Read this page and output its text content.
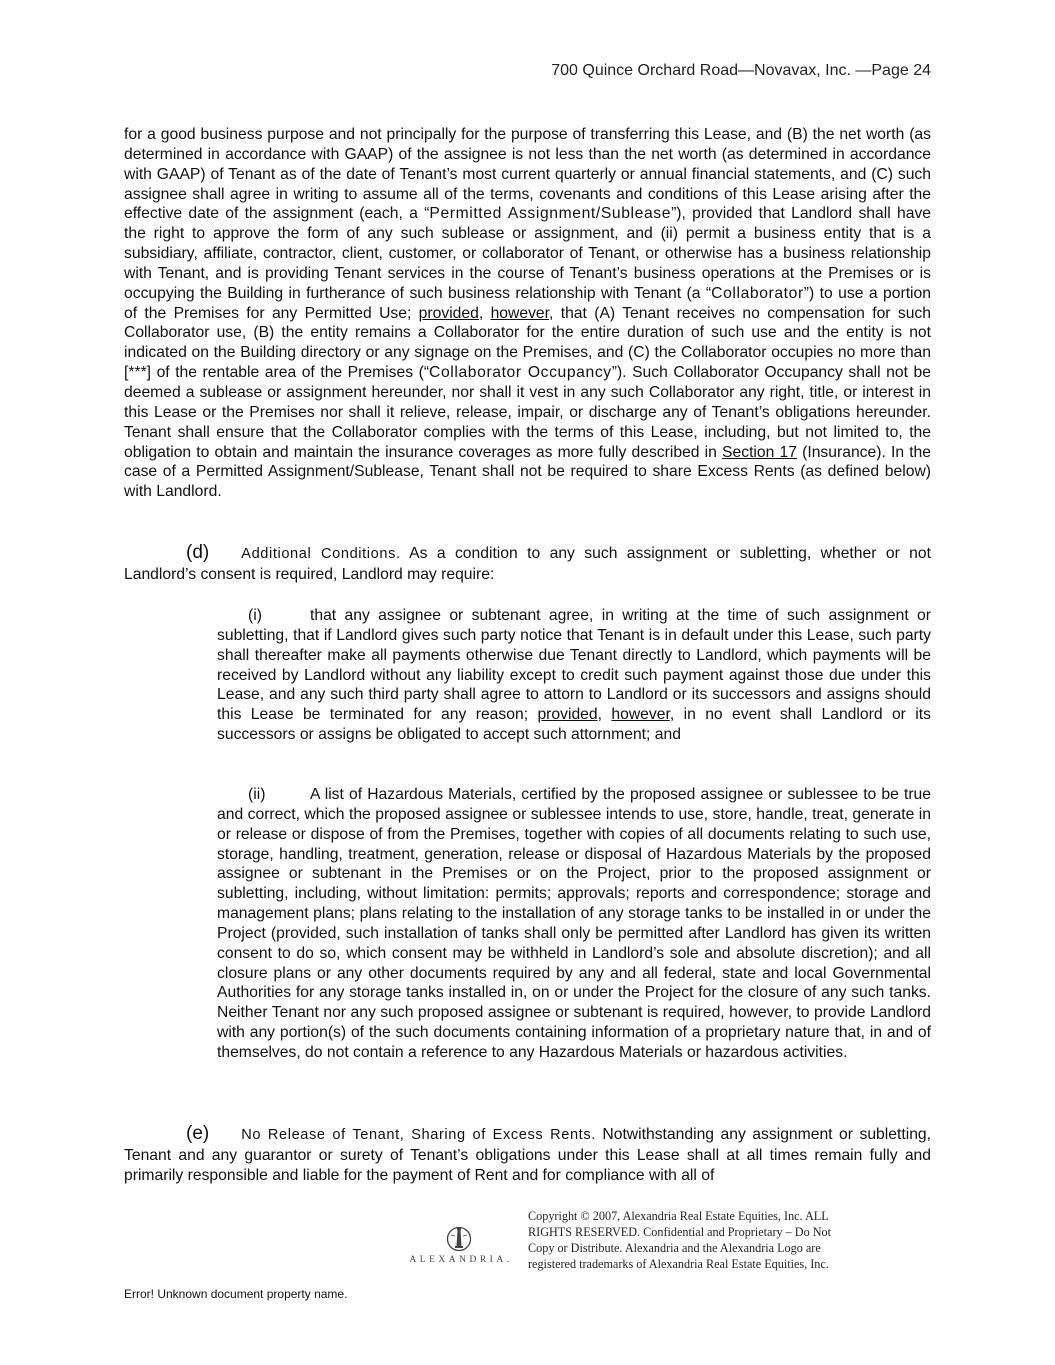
700 Quince Orchard Road—Novavax, Inc. —Page 24

for a good business purpose and not principally for the purpose of transferring this Lease, and (B) the net worth (as determined in accordance with GAAP) of the assignee is not less than the net worth (as determined in accordance with GAAP) of Tenant as of the date of Tenant’s most current quarterly or annual financial statements, and (C) such assignee shall agree in writing to assume all of the terms, covenants and conditions of this Lease arising after the effective date of the assignment (each, a “Permitted Assignment/Sublease”), provided that Landlord shall have the right to approve the form of any such sublease or assignment, and (ii) permit a business entity that is a subsidiary, affiliate, contractor, client, customer, or collaborator of Tenant, or otherwise has a business relationship with Tenant, and is providing Tenant services in the course of Tenant’s business operations at the Premises or is occupying the Building in furtherance of such business relationship with Tenant (a “Collaborator”) to use a portion of the Premises for any Permitted Use; provided, however, that (A) Tenant receives no compensation for such Collaborator use, (B) the entity remains a Collaborator for the entire duration of such use and the entity is not indicated on the Building directory or any signage on the Premises, and (C) the Collaborator occupies no more than [***] of the rentable area of the Premises (“Collaborator Occupancy”). Such Collaborator Occupancy shall not be deemed a sublease or assignment hereunder, nor shall it vest in any such Collaborator any right, title, or interest in this Lease or the Premises nor shall it relieve, release, impair, or discharge any of Tenant’s obligations hereunder. Tenant shall ensure that the Collaborator complies with the terms of this Lease, including, but not limited to, the obligation to obtain and maintain the insurance coverages as more fully described in Section 17 (Insurance). In the case of a Permitted Assignment/Sublease, Tenant shall not be required to share Excess Rents (as defined below) with Landlord.

(d) Additional Conditions. As a condition to any such assignment or subletting, whether or not Landlord’s consent is required, Landlord may require:

(i)	that any assignee or subtenant agree, in writing at the time of such assignment or subletting, that if Landlord gives such party notice that Tenant is in default under this Lease, such party shall thereafter make all payments otherwise due Tenant directly to Landlord, which payments will be received by Landlord without any liability except to credit such payment against those due under this Lease, and any such third party shall agree to attorn to Landlord or its successors and assigns should this Lease be terminated for any reason; provided, however, in no event shall Landlord or its successors or assigns be obligated to accept such attornment; and

(ii)	A list of Hazardous Materials, certified by the proposed assignee or sublessee to be true and correct, which the proposed assignee or sublessee intends to use, store, handle, treat, generate in or release or dispose of from the Premises, together with copies of all documents relating to such use, storage, handling, treatment, generation, release or disposal of Hazardous Materials by the proposed assignee or subtenant in the Premises or on the Project, prior to the proposed assignment or subletting, including, without limitation: permits; approvals; reports and correspondence; storage and management plans; plans relating to the installation of any storage tanks to be installed in or under the Project (provided, such installation of tanks shall only be permitted after Landlord has given its written consent to do so, which consent may be withheld in Landlord’s sole and absolute discretion); and all closure plans or any other documents required by any and all federal, state and local Governmental Authorities for any storage tanks installed in, on or under the Project for the closure of any such tanks. Neither Tenant nor any such proposed assignee or subtenant is required, however, to provide Landlord with any portion(s) of the such documents containing information of a proprietary nature that, in and of themselves, do not contain a reference to any Hazardous Materials or hazardous activities.

(e) No Release of Tenant, Sharing of Excess Rents. Notwithstanding any assignment or subletting, Tenant and any guarantor or surety of Tenant’s obligations under this Lease shall at all times remain fully and primarily responsible and liable for the payment of Rent and for compliance with all of

ALEXANDRIA.
Copyright © 2007, Alexandria Real Estate Equities, Inc. ALL
RIGHTS RESERVED. Confidential and Proprietary – Do Not
Copy or Distribute. Alexandria and the Alexandria Logo are
registered trademarks of Alexandria Real Estate Equities, Inc.
Error! Unknown document property name.
